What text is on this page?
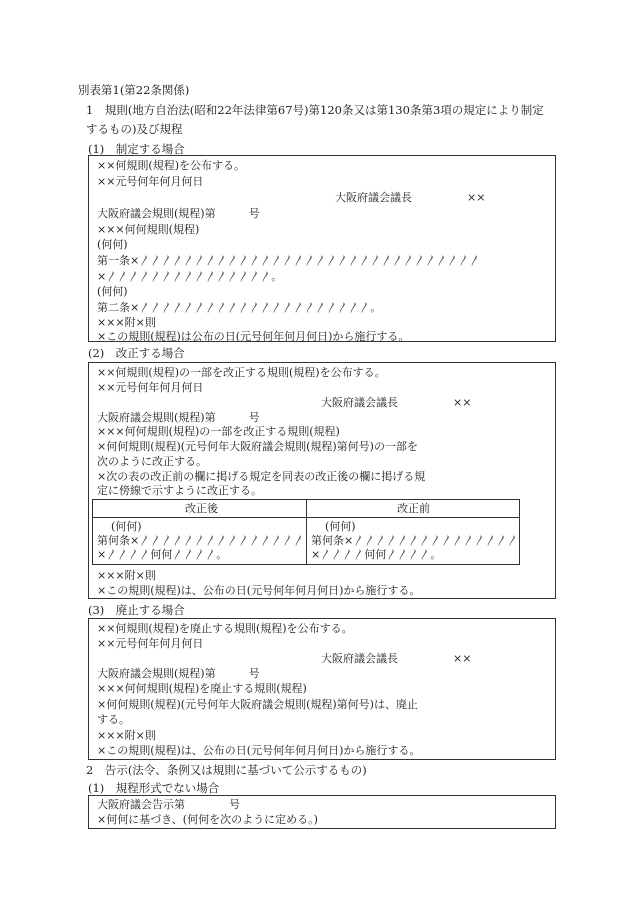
別表第1(第22条関係)
1　規則(地方自治法(昭和22年法律第67号)第120条又は第130条第3項の規定により制定
するもの)及び規程
(1)　制定する場合
××何規則(規程)を公布する。
××元号何年何月何日
大阪府議会議長　　　　　××
大阪府議会規則(規程)第　　　号
×××何何規則(規程)
(何何)
第一条×〳〳〳〳〳〳〳〳〳〳〳〳〳〳〳〳〳〳〳〳〳〳〳〳〳〳〳〳〳〳〳
×〳〳〳〳〳〳〳〳〳〳〳〳〳〳〳。
(何何)
第二条×〳〳〳〳〳〳〳〳〳〳〳〳〳〳〳〳〳〳〳〳〳。
×××附×則
×この規則(規程)は公布の日(元号何年何月何日)から施行する。
(2)　改正する場合
××何規則(規程)の一部を改正する規則(規程)を公布する。
××元号何年何月何日
大阪府議会議長　　　　　××
大阪府議会規則(規程)第　　　号
×××何何規則(規程)の一部を改正する規則(規程)
×何何規則(規程)(元号何年大阪府議会規則(規程)第何号)の一部を
次のように改正する。
×次の表の改正前の欄に掲げる規定を同表の改正後の欄に掲げる規
定に傍線で示すように改正する。
改正後	改正前
(何何)
第何条×〳〳〳〳〳〳〳〳〳〳〳〳〳〳〳
×〳〳〳〳何何〳〳〳〳。
(何何)
第何条×〳〳〳〳〳〳〳〳〳〳〳〳〳〳〳
×〳〳〳〳何何〳〳〳〳。
×××附×則
×この規則(規程)は、公布の日(元号何年何月何日)から施行する。
(3)　廃止する場合
××何規則(規程)を廃止する規則(規程)を公布する。
××元号何年何月何日
大阪府議会議長　　　　　××
大阪府議会規則(規程)第　　　号
×××何何規則(規程)を廃止する規則(規程)
×何何規則(規程)(元号何年大阪府議会規則(規程)第何号)は、廃止
する。
×××附×則
×この規則(規程)は、公布の日(元号何年何月何日)から施行する。
2　告示(法令、条例又は規則に基づいて公示するもの)
(1)　規程形式でない場合
大阪府議会告示第　　　　号
×何何に基づき、(何何を次のように定める。)
